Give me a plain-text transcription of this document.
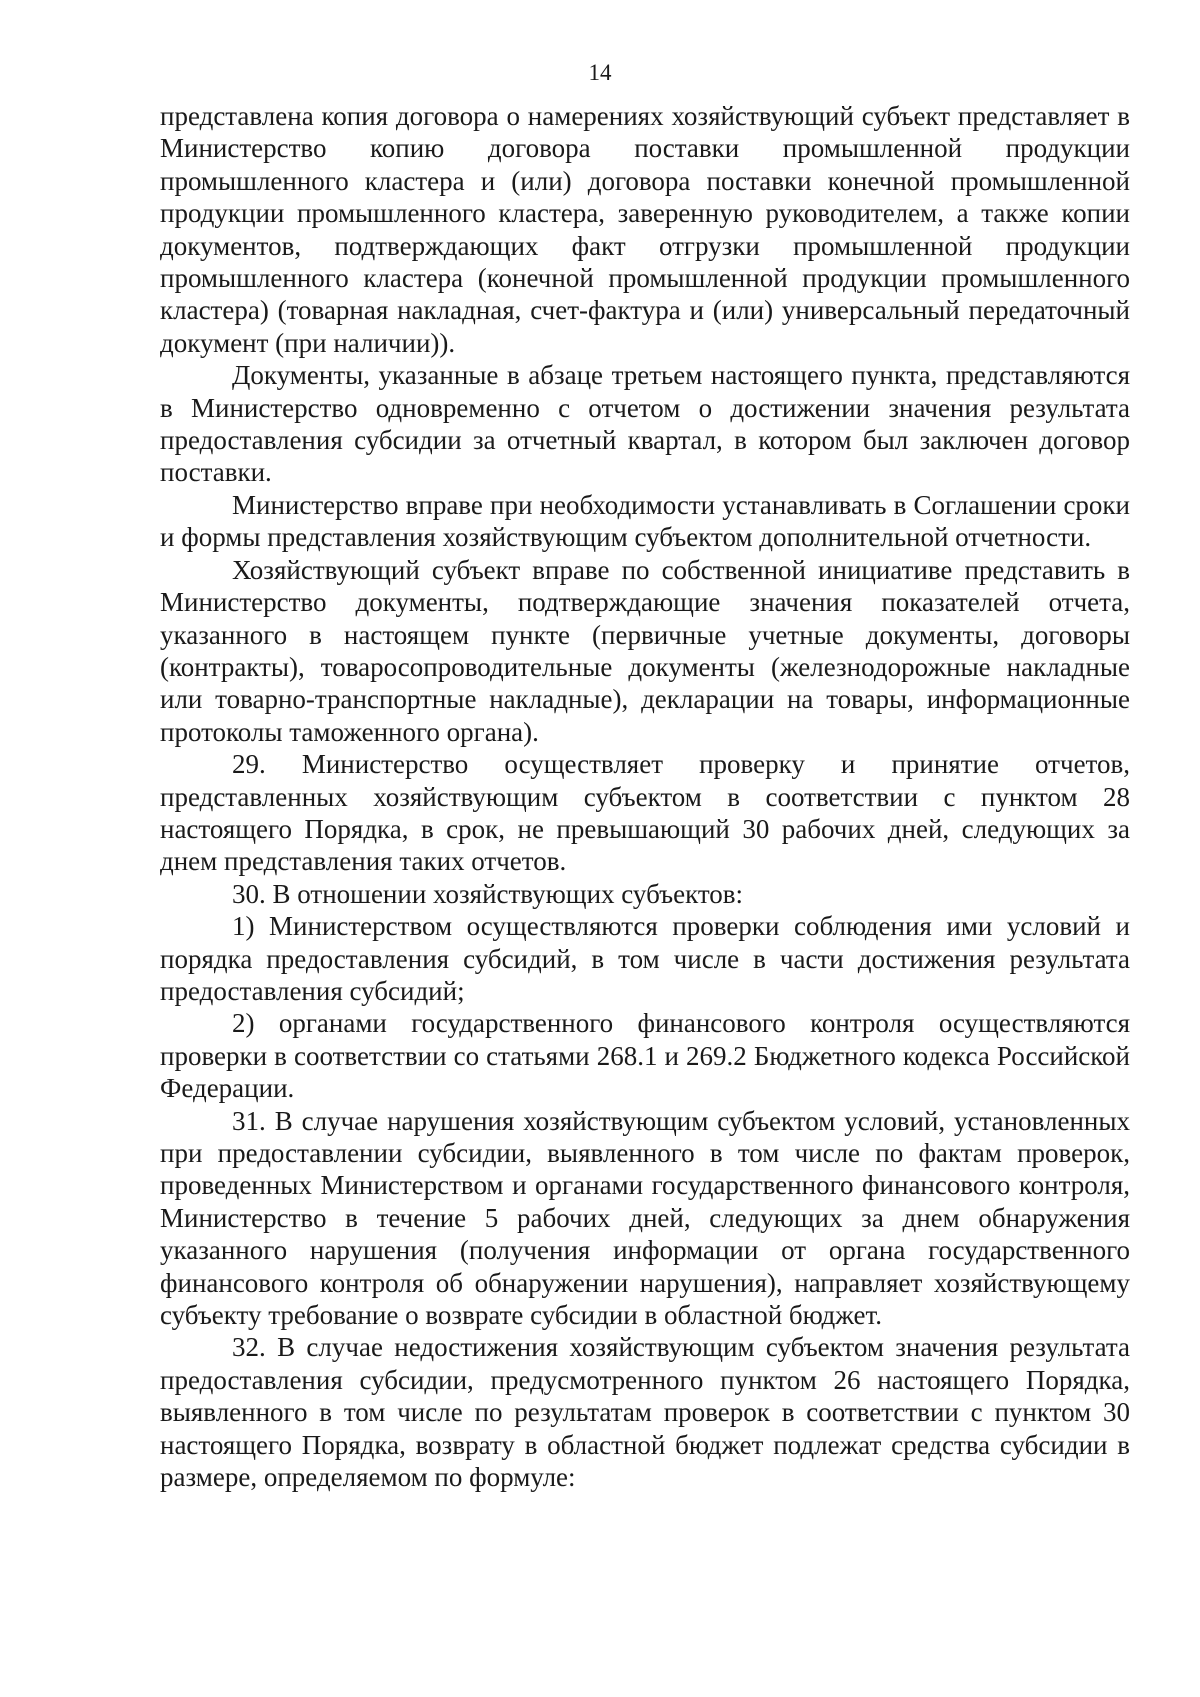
14

представлена копия договора о намерениях хозяйствующий субъект представляет в Министерство копию договора поставки промышленной продукции промышленного кластера и (или) договора поставки конечной промышленной продукции промышленного кластера, заверенную руководителем, а также копии документов, подтверждающих факт отгрузки промышленной продукции промышленного кластера (конечной промышленной продукции промышленного кластера) (товарная накладная, счет-фактура и (или) универсальный передаточный документ (при наличии)).

Документы, указанные в абзаце третьем настоящего пункта, представляются в Министерство одновременно с отчетом о достижении значения результата предоставления субсидии за отчетный квартал, в котором был заключен договор поставки.

Министерство вправе при необходимости устанавливать в Соглашении сроки и формы представления хозяйствующим субъектом дополнительной отчетности.

Хозяйствующий субъект вправе по собственной инициативе представить в Министерство документы, подтверждающие значения показателей отчета, указанного в настоящем пункте (первичные учетные документы, договоры (контракты), товаросопроводительные документы (железнодорожные накладные или товарно-транспортные накладные), декларации на товары, информационные протоколы таможенного органа).

29. Министерство осуществляет проверку и принятие отчетов, представленных хозяйствующим субъектом в соответствии с пунктом 28 настоящего Порядка, в срок, не превышающий 30 рабочих дней, следующих за днем представления таких отчетов.

30. В отношении хозяйствующих субъектов:

1) Министерством осуществляются проверки соблюдения ими условий и порядка предоставления субсидий, в том числе в части достижения результата предоставления субсидий;

2) органами государственного финансового контроля осуществляются проверки в соответствии со статьями 268.1 и 269.2 Бюджетного кодекса Российской Федерации.

31. В случае нарушения хозяйствующим субъектом условий, установленных при предоставлении субсидии, выявленного в том числе по фактам проверок, проведенных Министерством и органами государственного финансового контроля, Министерство в течение 5 рабочих дней, следующих за днем обнаружения указанного нарушения (получения информации от органа государственного финансового контроля об обнаружении нарушения), направляет хозяйствующему субъекту требование о возврате субсидии в областной бюджет.

32. В случае недостижения хозяйствующим субъектом значения результата предоставления субсидии, предусмотренного пунктом 26 настоящего Порядка, выявленного в том числе по результатам проверок в соответствии с пунктом 30 настоящего Порядка, возврату в областной бюджет подлежат средства субсидии в размере, определяемом по формуле:
